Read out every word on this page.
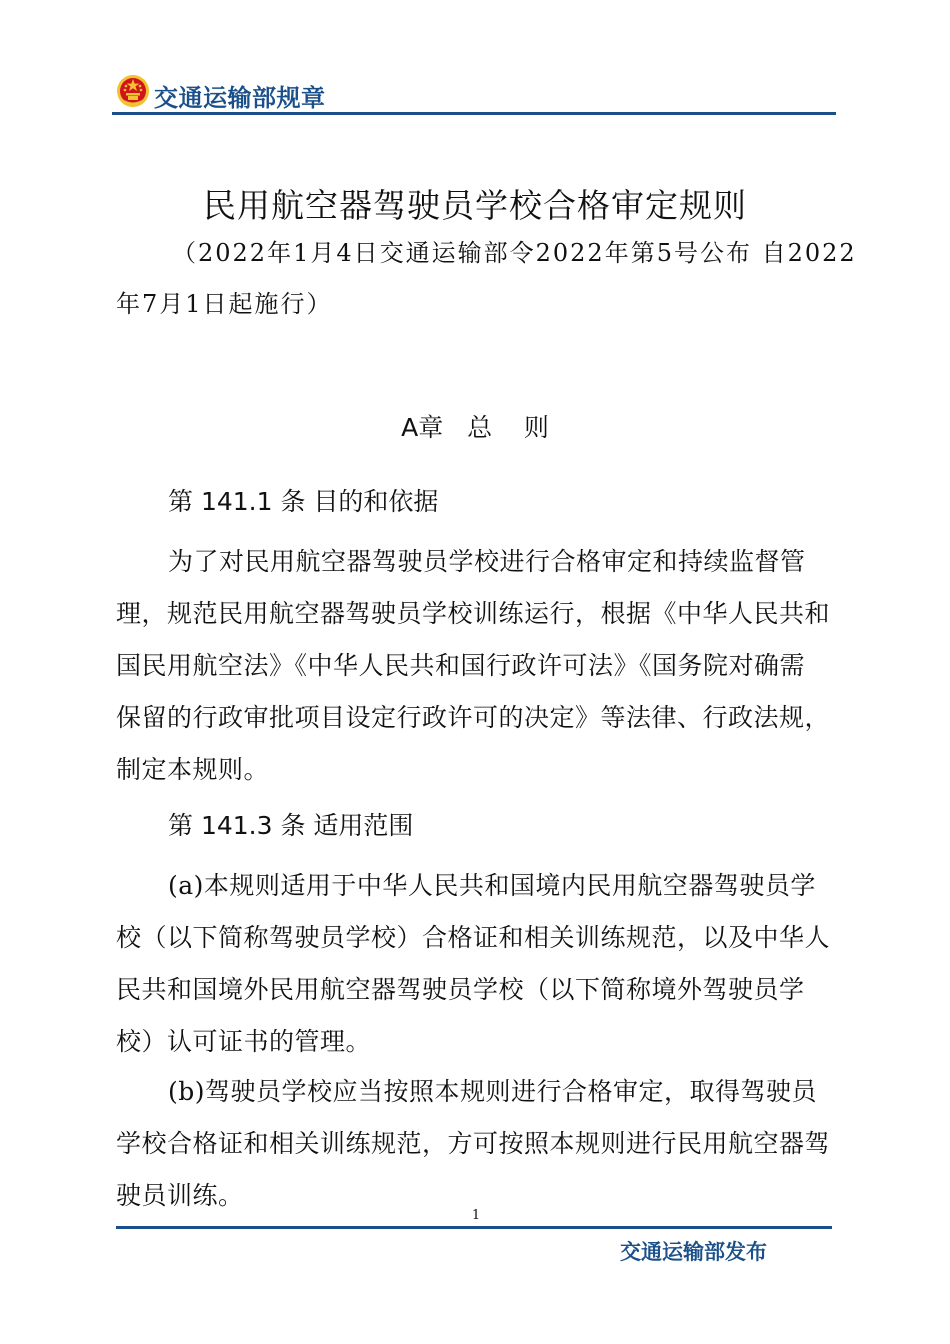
交通运输部规章
民用航空器驾驶员学校合格审定规则
（2022年1月4日交通运输部令2022年第5号公布 自2022
年7月1日起施行）
A章   总    则
第 141.1 条 目的和依据
为了对民用航空器驾驶员学校进行合格审定和持续监督管
理，规范民用航空器驾驶员学校训练运行，根据《中华人民共和
国民用航空法》《中华人民共和国行政许可法》《国务院对确需
保留的行政审批项目设定行政许可的决定》等法律、行政法规，
制定本规则。
第 141.3 条 适用范围
(a)本规则适用于中华人民共和国境内民用航空器驾驶员学
校（以下简称驾驶员学校）合格证和相关训练规范，以及中华人
民共和国境外民用航空器驾驶员学校（以下简称境外驾驶员学
校）认可证书的管理。
(b)驾驶员学校应当按照本规则进行合格审定，取得驾驶员
学校合格证和相关训练规范，方可按照本规则进行民用航空器驾
驶员训练。
1
交通运输部发布
